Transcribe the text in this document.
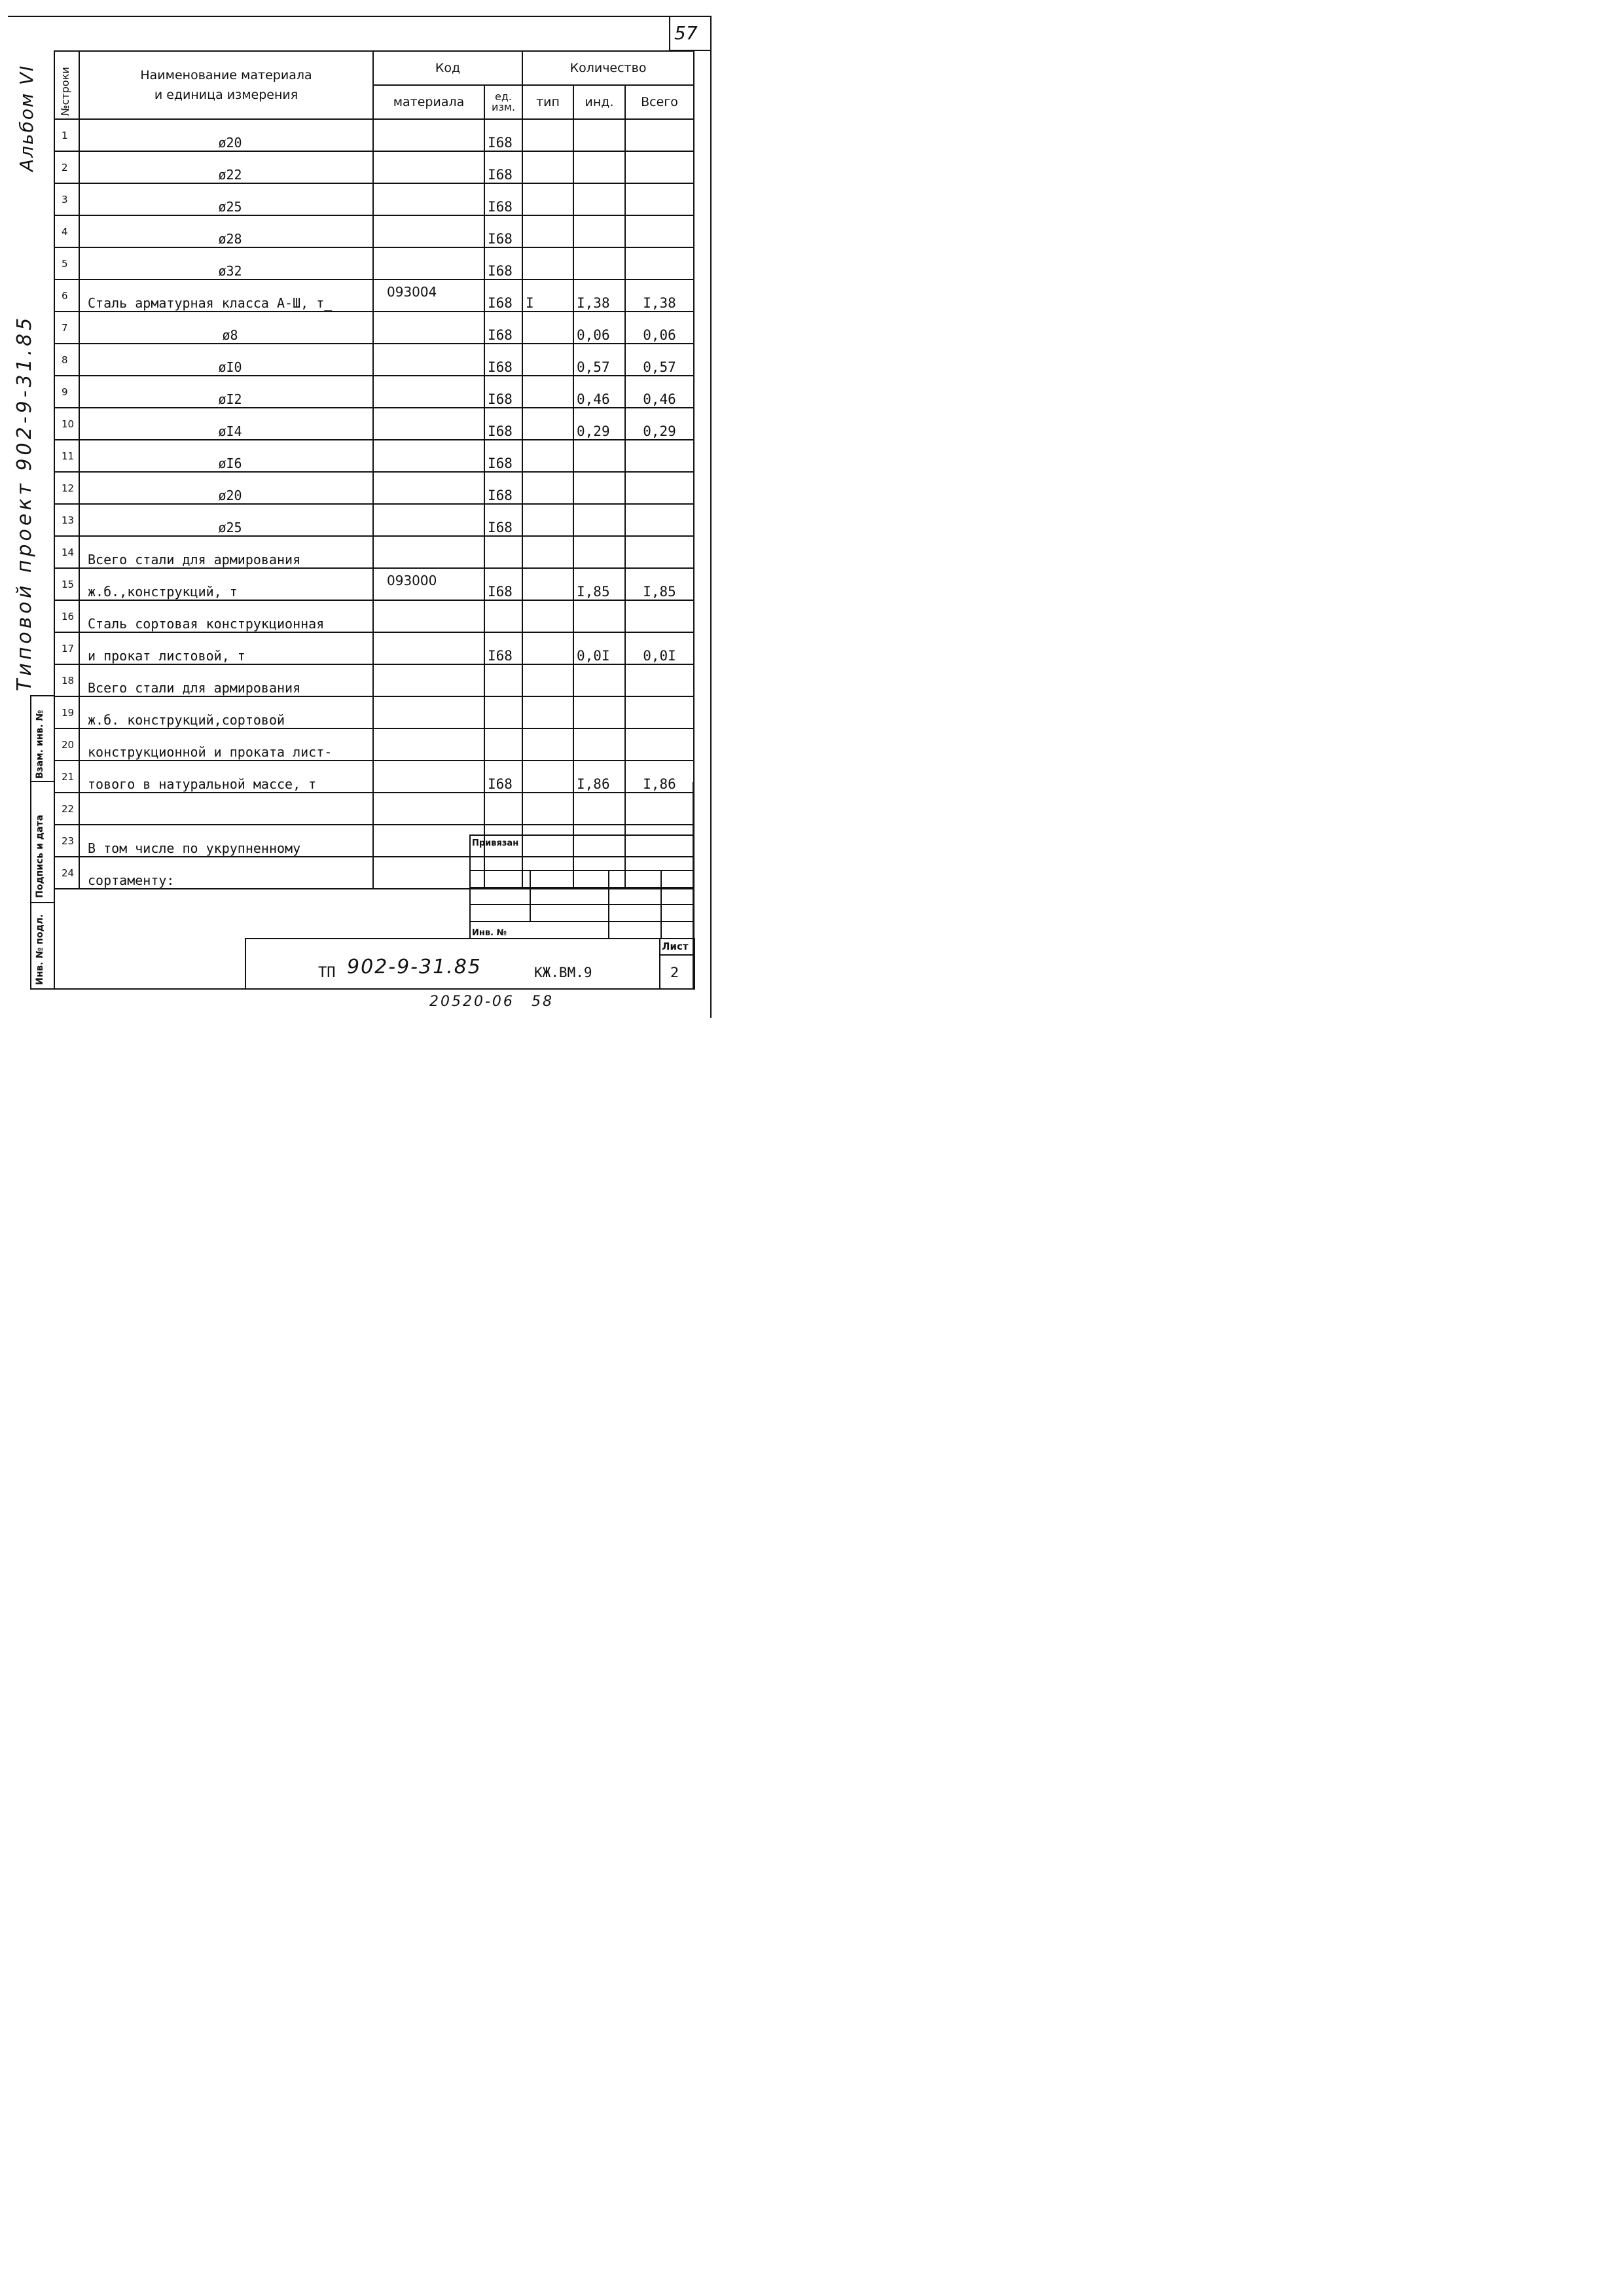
57
Альбом VI
Типовой проект 902-9-31.85
Взам. инв. №
Подпись и дата
Инв. № подл.
№строки	Наименование материала и единица измерения	Код		Количество		
		материала	ед. изм.	тип	инд.	Всего
1	ø20		I68			
2	ø22		I68			
3	ø25		I68			
4	ø28		I68			
5	ø32		I68			
6	Сталь арматурная класса А-Ш, т_	093004	I68	I	I,38	I,38
7	ø8		I68		0,06	0,06
8	øI0		I68		0,57	0,57
9	øI2		I68		0,46	0,46
10	øI4		I68		0,29	0,29
11	øI6		I68			
12	ø20		I68			
13	ø25		I68			
14	Всего стали для армирования					
15	ж.б.,конструкций, т	093000	I68		I,85	I,85
16	Сталь сортовая конструкционная					
17	и прокат листовой, т		I68		0,0I	0,0I
18	Всего стали для армирования					
19	ж.б. конструкций,сортовой					
20	конструкционной и проката лист-					
21	тового в натуральной массе, т		I68		I,86	I,86
22						
23	В том числе по укрупненному					
24	сортаменту:					
Привязан			

Инв. №			
Лист
2
ТП 902-9-31.85	КЖ.ВМ.9
20520-06 58
